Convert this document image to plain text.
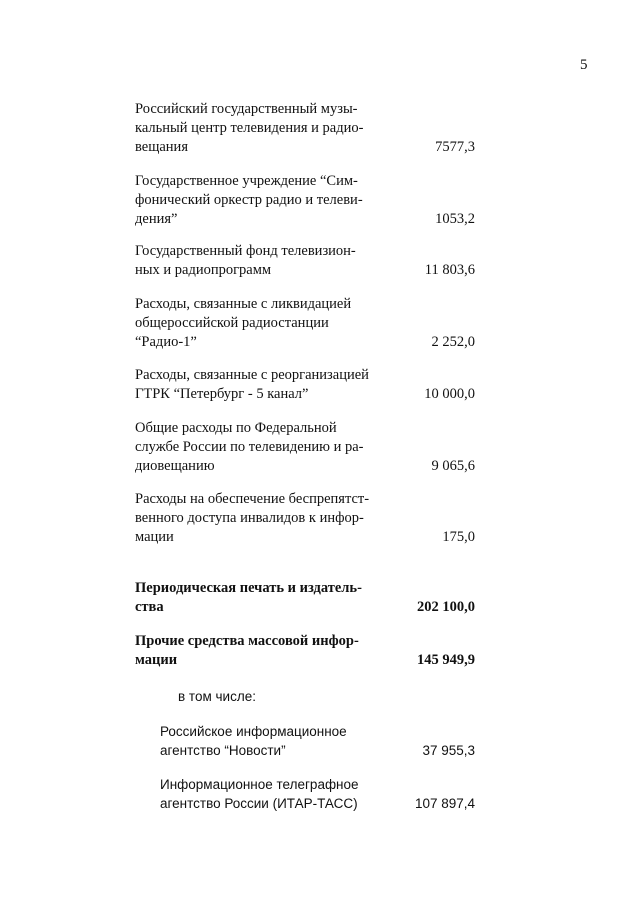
5
Российский государственный музы-
кальный центр телевидения и радио-
вещания	7577,3
Государственное учреждение “Сим-
фонический оркестр радио и телеви-
дения”	1053,2
Государственный фонд телевизион-
ных и радиопрограмм	11 803,6
Расходы, связанные с ликвидацией
общероссийской радиостанции
“Радио-1”	2 252,0
Расходы, связанные с реорганизацией
ГТРК “Петербург - 5 канал”	10 000,0
Общие расходы по Федеральной
службе России по телевидению и ра-
диовещанию	9 065,6
Расходы на обеспечение беспрепятст-
венного доступа инвалидов к инфор-
мации	175,0
Периодическая печать и издатель-
ства	202 100,0
Прочие средства массовой инфор-
мации	145 949,9
в том числе:
Российское информационное
агентство “Новости”	37 955,3
Информационное телеграфное
агентство России (ИТАР-ТАСС)	107 897,4
